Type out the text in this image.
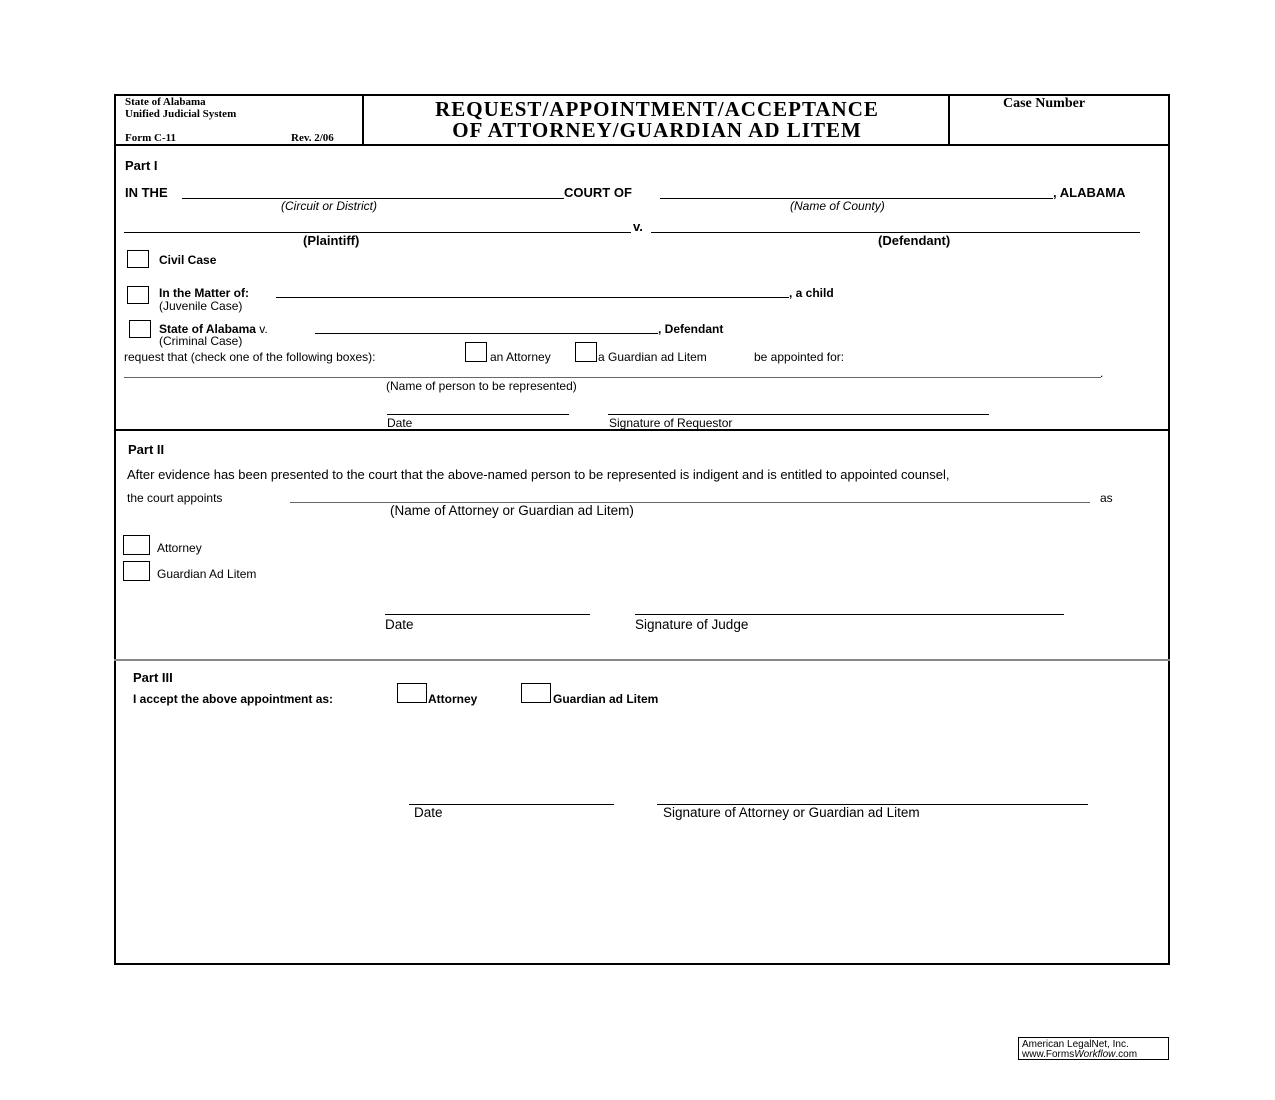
State of Alabama
Unified Judicial System
Form C-11	Rev. 2/06
REQUEST/APPOINTMENT/ACCEPTANCE
OF ATTORNEY/GUARDIAN AD LITEM
Case Number
Part I
IN THE	COURT OF	, ALABAMA
(Circuit or District)	(Name of County)
v.
(Plaintiff)	(Defendant)
Civil Case
In the Matter of:	, a child
(Juvenile Case)
State of Alabama v.	, Defendant
(Criminal Case)
request that (check one of the following boxes):	an Attorney	a Guardian ad Litem	be appointed for:
.
(Name of person to be represented)
Date	Signature of Requestor
Part II
After evidence has been presented to the court that the above-named person to be represented is indigent and is entitled to appointed counsel,
the court appoints	as
(Name of Attorney or Guardian ad Litem)
Attorney
Guardian Ad Litem
Date	Signature of Judge
Part III
I accept the above appointment as:	Attorney	Guardian ad Litem
Date	Signature of Attorney or Guardian ad Litem
American LegalNet, Inc.
www.FormsWorkflow.com
